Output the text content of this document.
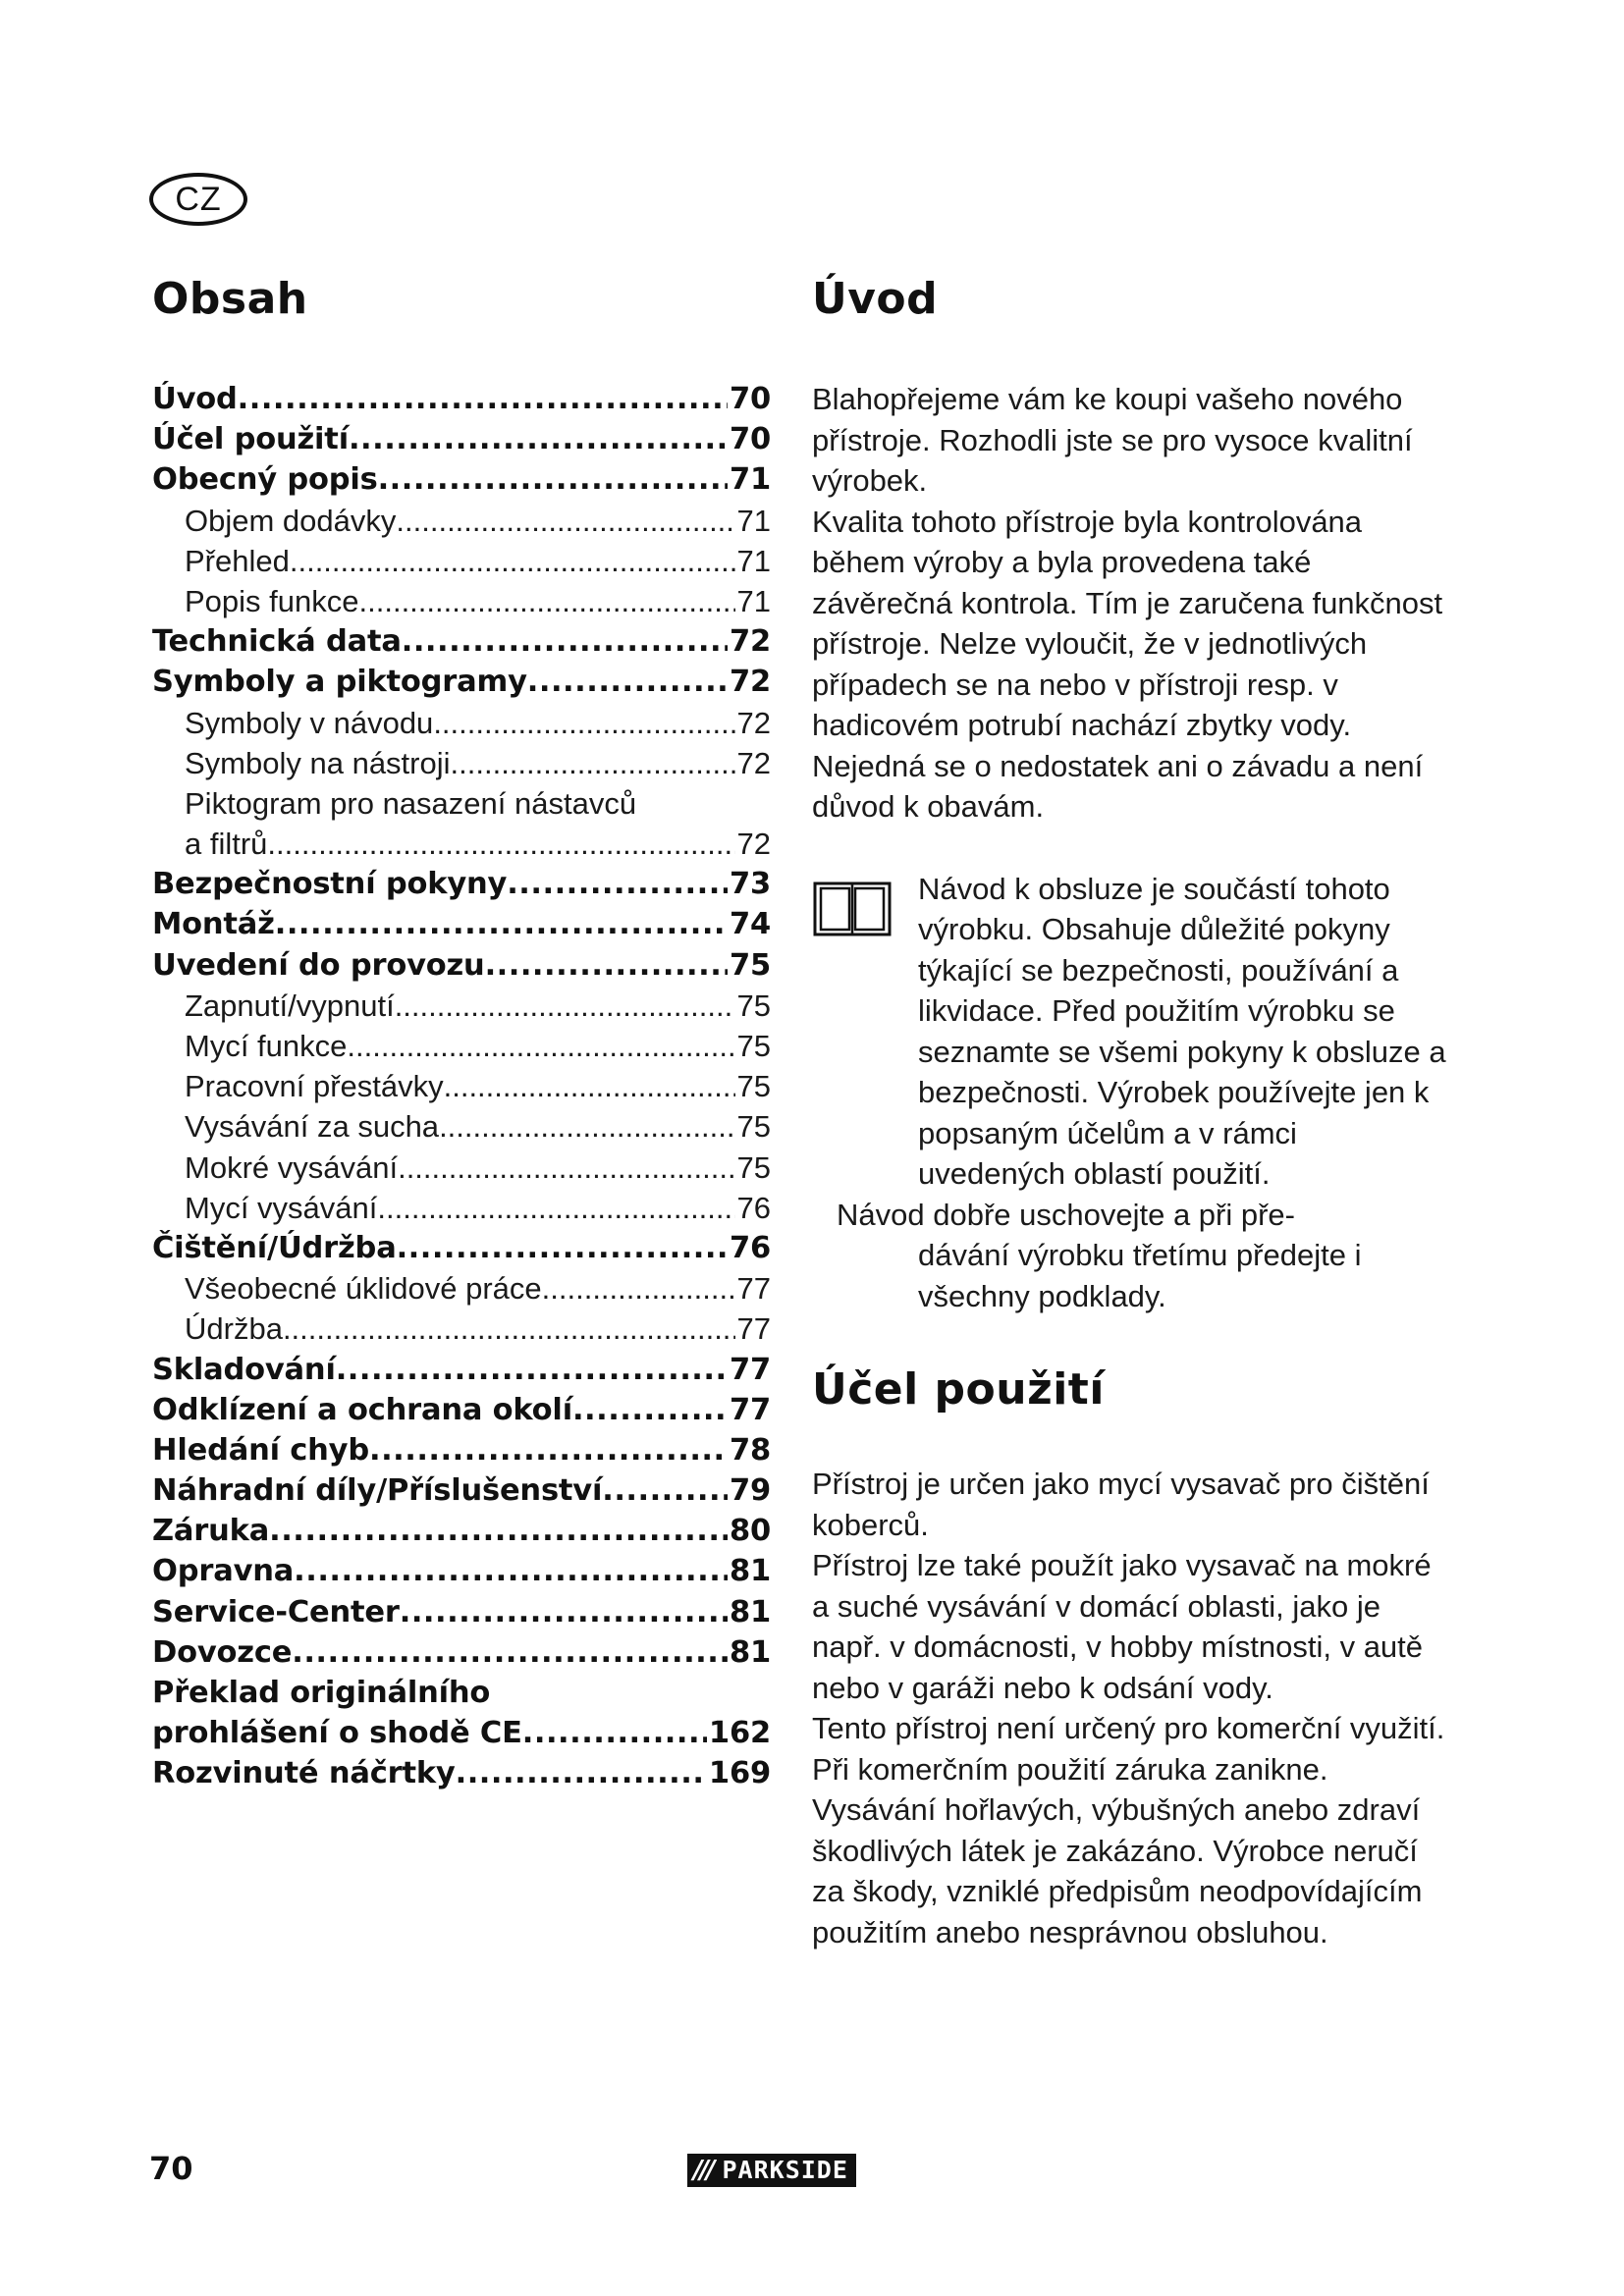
CZ
Obsah
Úvod .....	70
Účel použití .....	70
Obecný popis .....	71
Objem dodávky .....	71
Přehled .....	71
Popis funkce .....	71
Technická data .....	72
Symboly a piktogramy .....	72
Symboly v návodu .....	72
Symboly na nástroji .....	72
Piktogram pro nasazení nástavců
a filtrů .....	72
Bezpečnostní pokyny .....	73
Montáž .....	74
Uvedení do provozu .....	75
Zapnutí/vypnutí .....	75
Mycí funkce .....	75
Pracovní přestávky .....	75
Vysávání za sucha .....	75
Mokré vysávání .....	75
Mycí vysávání .....	76
Čištění/Údržba .....	76
Všeobecné úklidové práce .....	77
Údržba .....	77
Skladování .....	77
Odklízení a ochrana okolí .....	77
Hledání chyb .....	78
Náhradní díly/Příslušenství .....	79
Záruka .....	80
Opravna .....	81
Service-Center .....	81
Dovozce .....	81
Překlad originálního
prohlášení o shodě CE .....	162
Rozvinuté náčrtky .....	169
Úvod

Blahopřejeme vám ke koupi vašeho nového přístroje. Rozhodli jste se pro vysoce kvalitní výrobek.

Kvalita tohoto přístroje byla kontrolována během výroby a byla provedena také závěrečná kontrola. Tím je zaručena funkčnost přístroje. Nelze vyloučit, že v jednotlivých případech se na nebo v přístroji resp. v hadicovém potrubí nachází zbytky vody. Nejedná se o nedostatek ani o závadu a není důvod k obavám.

Návod k obsluze je součástí tohoto výrobku. Obsahuje důležité pokyny týkající se bezpečnosti, používání a likvidace. Před použitím výrobku se seznamte se všemi pokyny k obsluze a bezpečnosti. Výrobek používejte jen k popsaným účelům a v rámci uvedených oblastí použití.

Návod dobře uschovejte a při pře-

dávání výrobku třetímu předejte i všechny podklady.

Účel použití

Přístroj je určen jako mycí vysavač pro čištění koberců.

Přístroj lze také použít jako vysavač na mokré a suché vysávání v domácí oblasti, jako je např. v domácnosti, v hobby místnosti, v autě nebo v garáži nebo k odsání vody.

Tento přístroj není určený pro komerční využití. Při komerčním použití záruka zanikne. Vysávání hořlavých, výbušných anebo zdraví škodlivých látek je zakázáno. Výrobce neručí za škody, vzniklé předpisům neodpovídajícím použitím anebo nesprávnou obsluhou.

70	/// PARKSIDE
